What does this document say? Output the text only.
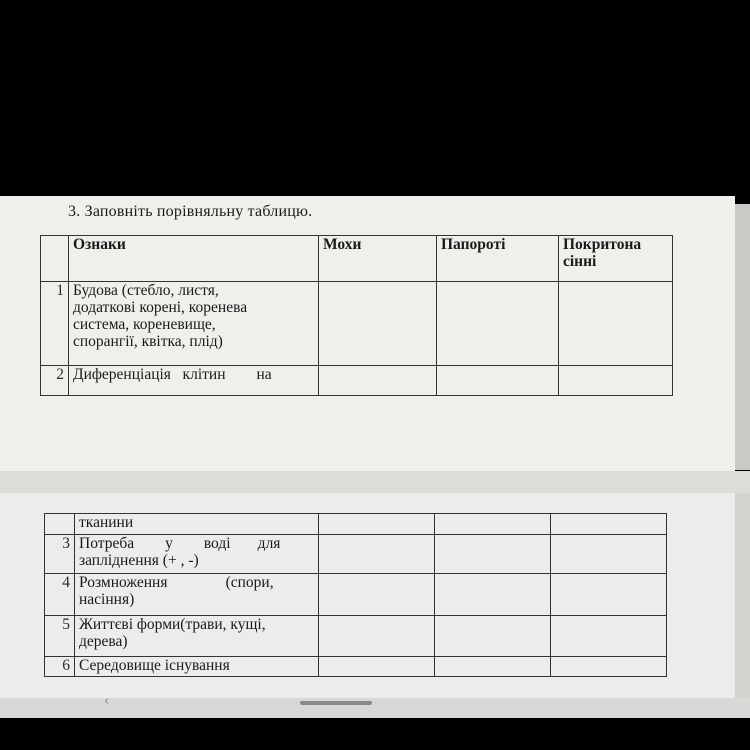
‹
3. Заповніть порівняльну таблицю.
	Ознаки	Мохи	Папороті	Покритона
сінні

1	Будова (стебло, листя,
додаткові корені, коренева
система, кореневище,
спорангії, квітка, плід)			

2	Диференціація   клітин        на			

	тканини			

3	Потреба        у        воді       для
запліднення (+ , -)			

4	Розмноження               (спори,
насіння)			

5	Життєві форми(трави, кущі,
дерева)			

6	Середовище існування			
